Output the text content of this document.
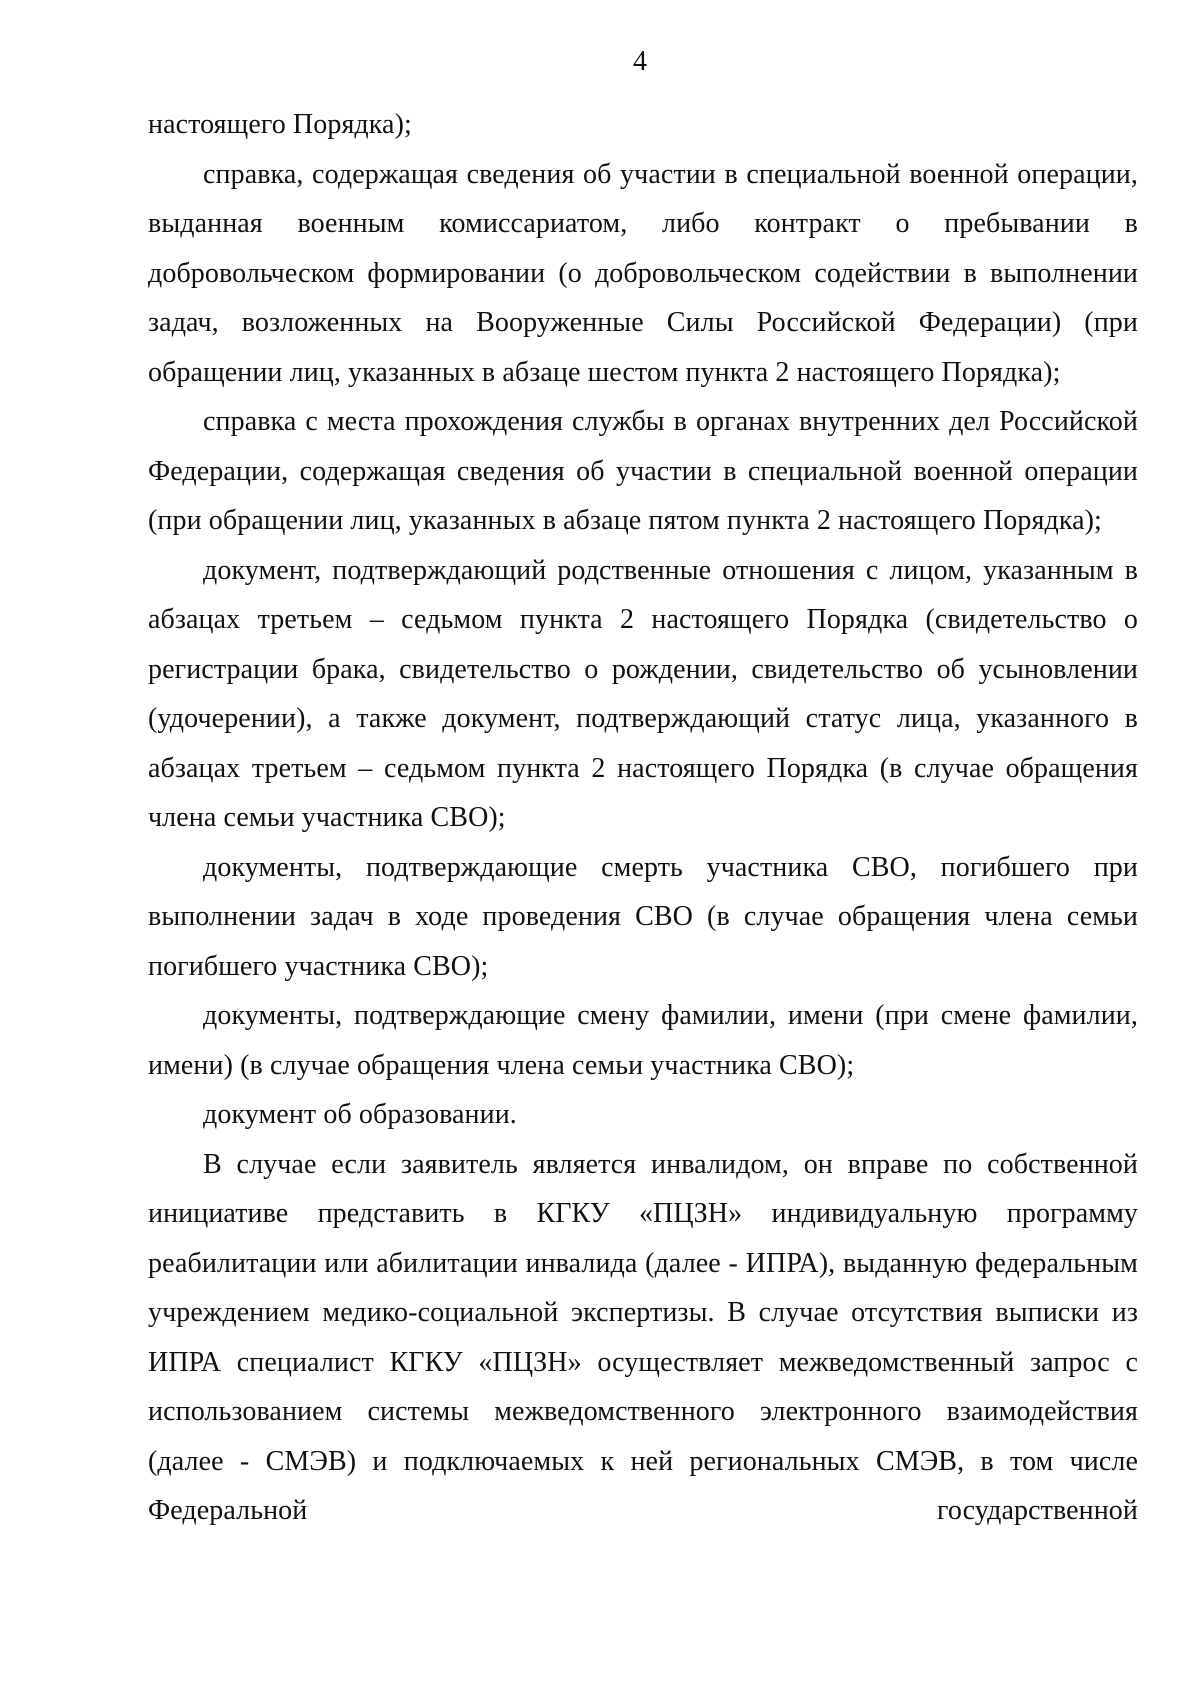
4

настоящего Порядка);

справка, содержащая сведения об участии в специальной военной операции, выданная военным комиссариатом, либо контракт о пребывании в добровольческом формировании (о добровольческом содействии в выполнении задач, возложенных на Вооруженные Силы Российской Федерации) (при обращении лиц, указанных в абзаце шестом пункта 2 настоящего Порядка);

справка с места прохождения службы в органах внутренних дел Российской Федерации, содержащая сведения об участии в специальной военной операции (при обращении лиц, указанных в абзаце пятом пункта 2 настоящего Порядка);

документ, подтверждающий родственные отношения с лицом, указанным в абзацах третьем – седьмом пункта 2 настоящего Порядка (свидетельство о регистрации брака, свидетельство о рождении, свидетельство об усыновлении (удочерении), а также документ, подтверждающий статус лица, указанного в абзацах третьем – седьмом пункта 2 настоящего Порядка (в случае обращения члена семьи участника СВО);

документы, подтверждающие смерть участника СВО, погибшего при выполнении задач в ходе проведения СВО (в случае обращения члена семьи погибшего участника СВО);

документы, подтверждающие смену фамилии, имени (при смене фамилии, имени) (в случае обращения члена семьи участника СВО);

документ об образовании.

В случае если заявитель является инвалидом, он вправе по собственной инициативе представить в КГКУ «ПЦЗН» индивидуальную программу реабилитации или абилитации инвалида (далее - ИПРА), выданную федеральным учреждением медико-социальной экспертизы. В случае отсутствия выписки из ИПРА специалист КГКУ «ПЦЗН» осуществляет межведомственный запрос с использованием системы межведомственного электронного взаимодействия (далее - СМЭВ) и подключаемых к ней региональных СМЭВ, в том числе Федеральной государственной
